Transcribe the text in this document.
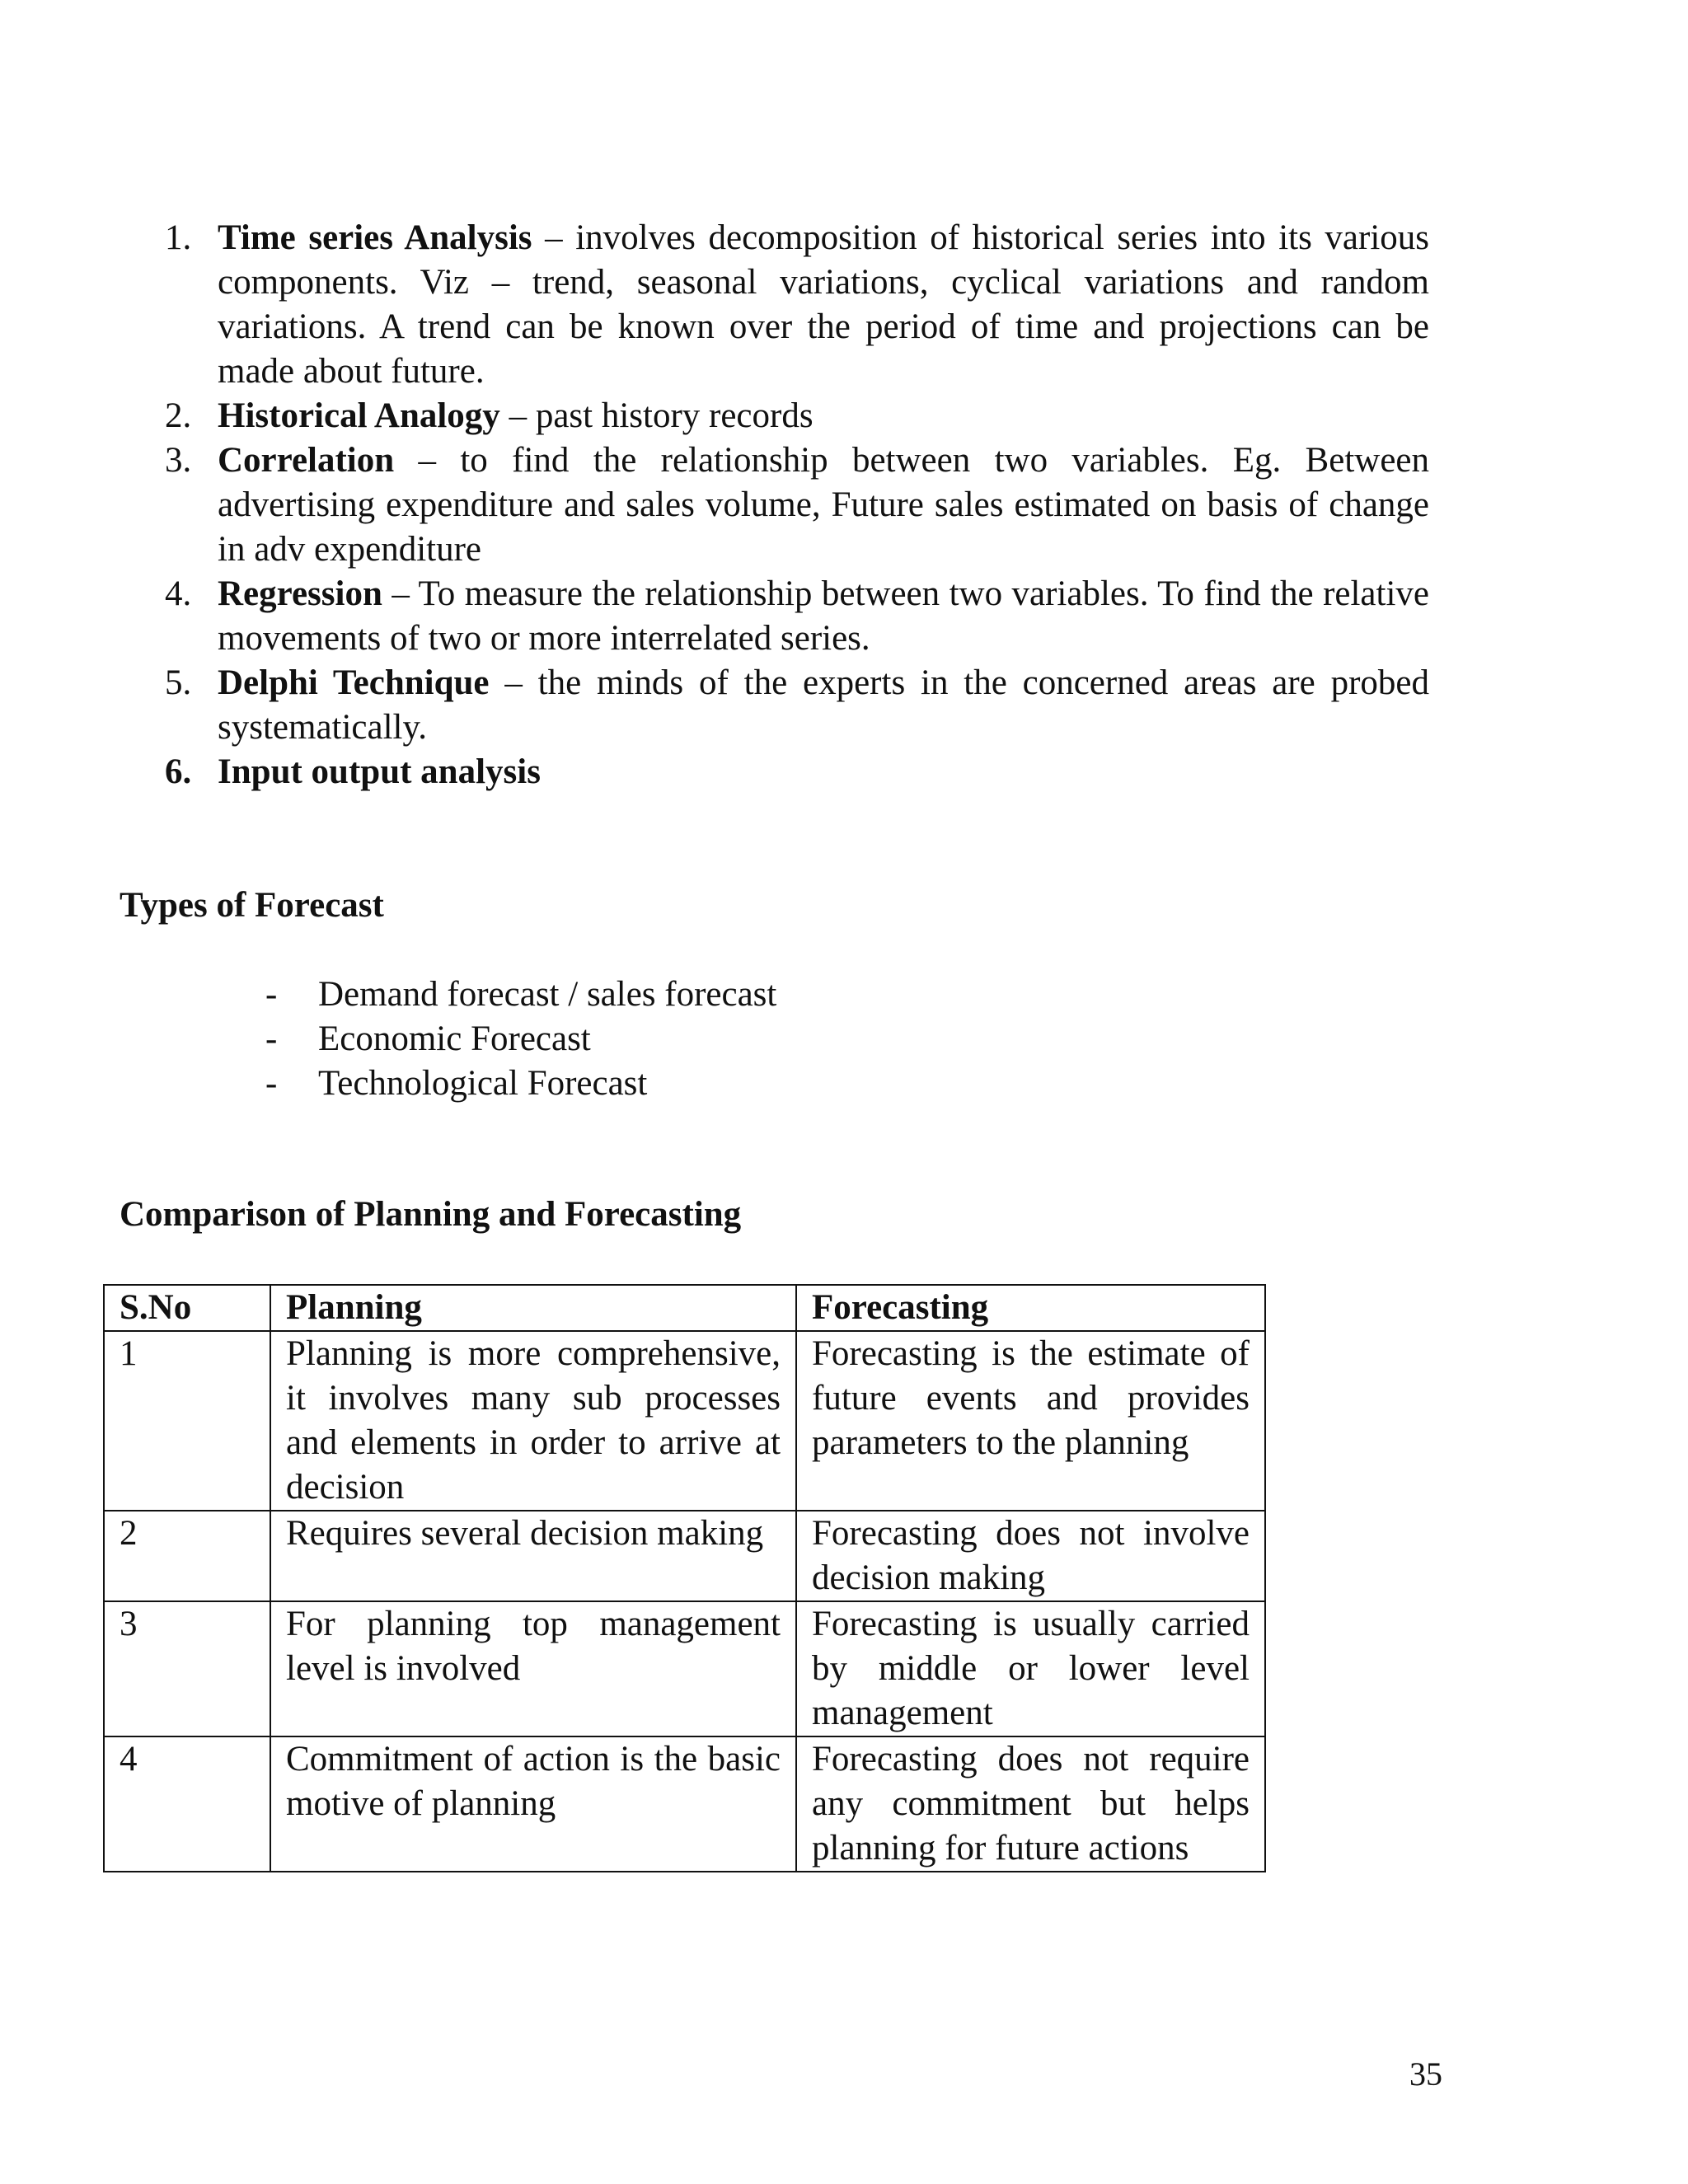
1. Time series Analysis – involves decomposition of historical series into its various components. Viz – trend, seasonal variations, cyclical variations and random variations. A trend can be known over the period of time and projections can be made about future.
2. Historical Analogy – past history records
3. Correlation – to find the relationship between two variables. Eg. Between advertising expenditure and sales volume, Future sales estimated on basis of change in adv expenditure
4. Regression – To measure the relationship between two variables. To find the relative movements of two or more interrelated series.
5. Delphi Technique – the minds of the experts in the concerned areas are probed systematically.
6. Input output analysis
Types of Forecast
- Demand forecast / sales forecast
- Economic Forecast
- Technological Forecast
Comparison of Planning and Forecasting
S.No	Planning	Forecasting
1	Planning is more comprehensive, it involves many sub processes and elements in order to arrive at decision	Forecasting is the estimate of future events and provides parameters to the planning
2	Requires several decision making	Forecasting does not involve decision making
3	For planning top management level is involved	Forecasting is usually carried by middle or lower level management
4	Commitment of action is the basic motive of planning	Forecasting does not require any commitment but helps planning for future actions
35
